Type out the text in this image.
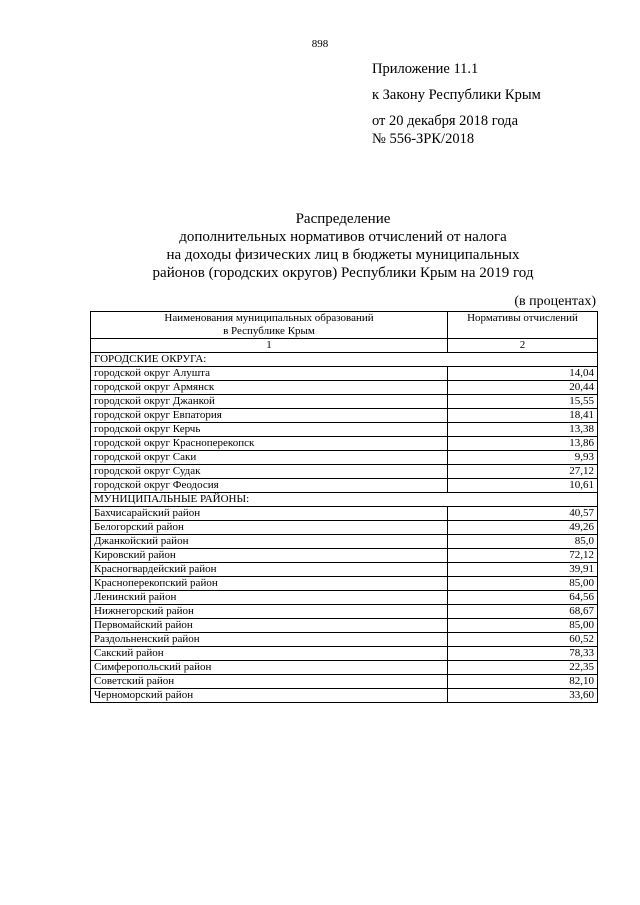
898
Приложение 11.1
к Закону Республики Крым
от 20 декабря 2018 года
№ 556-ЗРК/2018
Распределение
дополнительных нормативов отчислений от налога
на доходы физических лиц в бюджеты муниципальных
районов (городских округов) Республики Крым на 2019 год
(в процентах)
Наименования муниципальных образований
в Республике Крым	Нормативы отчислений
1	2
ГОРОДСКИЕ ОКРУГА:	
городской округ Алушта	14,04
городской округ Армянск	20,44
городской округ Джанкой	15,55
городской округ Евпатория	18,41
городской округ Керчь	13,38
городской округ Красноперекопск	13,86
городской округ Саки	9,93
городской округ Судак	27,12
городской округ Феодосия	10,61
МУНИЦИПАЛЬНЫЕ РАЙОНЫ:	
Бахчисарайский район	40,57
Белогорский район	49,26
Джанкойский район	85,0
Кировский район	72,12
Красногвардейский район	39,91
Красноперекопский район	85,00
Ленинский район	64,56
Нижнегорский район	68,67
Первомайский район	85,00
Раздольненский район	60,52
Сакский район	78,33
Симферопольский район	22,35
Советский район	82,10
Черноморский район	33,60
